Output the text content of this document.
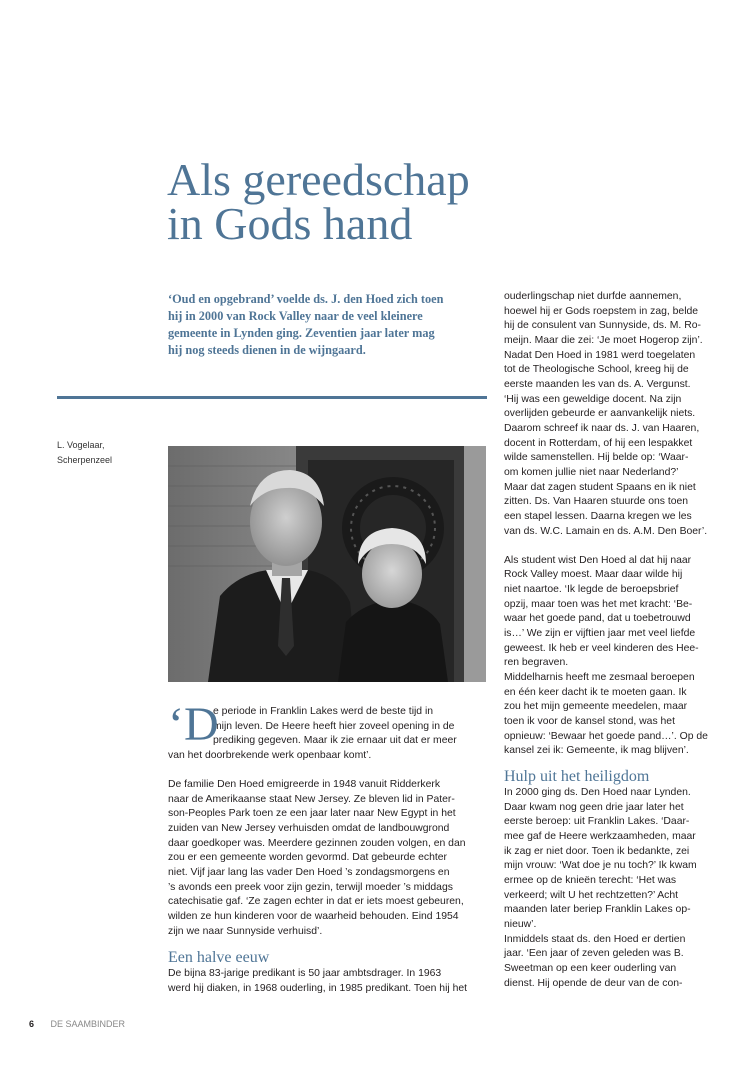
Als gereedschap
in Gods hand
‘Oud en opgebrand’ voelde ds. J. den Hoed zich toen
hij in 2000 van Rock Valley naar de veel kleinere
gemeente in Lynden ging. Zeventien jaar later mag
hij nog steeds dienen in de wijngaard.
L. Vogelaar,
Scherpenzeel
‘D
e periode in Franklin Lakes werd de beste tijd in
mijn leven. De Heere heeft hier zoveel opening in de
prediking gegeven. Maar ik zie ernaar uit dat er meer
van het doorbrekende werk openbaar komt’.
De familie Den Hoed emigreerde in 1948 vanuit Ridderkerk
naar de Amerikaanse staat New Jersey. Ze bleven lid in Pater-
son-Peoples Park toen ze een jaar later naar New Egypt in het
zuiden van New Jersey verhuisden omdat de landbouwgrond
daar goedkoper was. Meerdere gezinnen zouden volgen, en dan
zou er een gemeente worden gevormd. Dat gebeurde echter
niet. Vijf jaar lang las vader Den Hoed ’s zondagsmorgens en
’s avonds een preek voor zijn gezin, terwijl moeder ’s middags
catechisatie gaf. ‘Ze zagen echter in dat er iets moest gebeuren,
wilden ze hun kinderen voor de waarheid behouden. Eind 1954
zijn we naar Sunnyside verhuisd’.
Een halve eeuw
De bijna 83-jarige predikant is 50 jaar ambtsdrager. In 1963
werd hij diaken, in 1968 ouderling, in 1985 predikant. Toen hij het
ouderlingschap niet durfde aannemen,
hoewel hij er Gods roepstem in zag, belde
hij de consulent van Sunnyside, ds. M. Ro-
meijn. Maar die zei: ‘Je moet Hogerop zijn’.
Nadat Den Hoed in 1981 werd toegelaten
tot de Theologische School, kreeg hij de
eerste maanden les van ds. A. Vergunst.
‘Hij was een geweldige docent. Na zijn
overlijden gebeurde er aanvankelijk niets.
Daarom schreef ik naar ds. J. van Haaren,
docent in Rotterdam, of hij een lespakket
wilde samenstellen. Hij belde op: ‘Waar-
om komen jullie niet naar Nederland?’
Maar dat zagen student Spaans en ik niet
zitten. Ds. Van Haaren stuurde ons toen
een stapel lessen. Daarna kregen we les
van ds. W.C. Lamain en ds. A.M. Den Boer’.
Als student wist Den Hoed al dat hij naar
Rock Valley moest. Maar daar wilde hij
niet naartoe. ‘Ik legde de beroepsbrief
opzij, maar toen was het met kracht: ‘Be-
waar het goede pand, dat u toebetrouwd
is…’ We zijn er vijftien jaar met veel liefde
geweest. Ik heb er veel kinderen des Hee-
ren begraven.
Middelharnis heeft me zesmaal beroepen
en één keer dacht ik te moeten gaan. Ik
zou het mijn gemeente meedelen, maar
toen ik voor de kansel stond, was het
opnieuw: ‘Bewaar het goede pand…’. Op de
kansel zei ik: Gemeente, ik mag blijven’.
Hulp uit het heiligdom
In 2000 ging ds. Den Hoed naar Lynden.
Daar kwam nog geen drie jaar later het
eerste beroep: uit Franklin Lakes. ‘Daar-
mee gaf de Heere werkzaamheden, maar
ik zag er niet door. Toen ik bedankte, zei
mijn vrouw: ‘Wat doe je nu toch?’ Ik kwam
ermee op de knieën terecht: ‘Het was
verkeerd; wilt U het rechtzetten?’ Acht
maanden later beriep Franklin Lakes op-
nieuw’.
Inmiddels staat ds. den Hoed er dertien
jaar. ‘Een jaar of zeven geleden was B.
Sweetman op een keer ouderling van
dienst. Hij opende de deur van de con-
6 DE SAAMBINDER
